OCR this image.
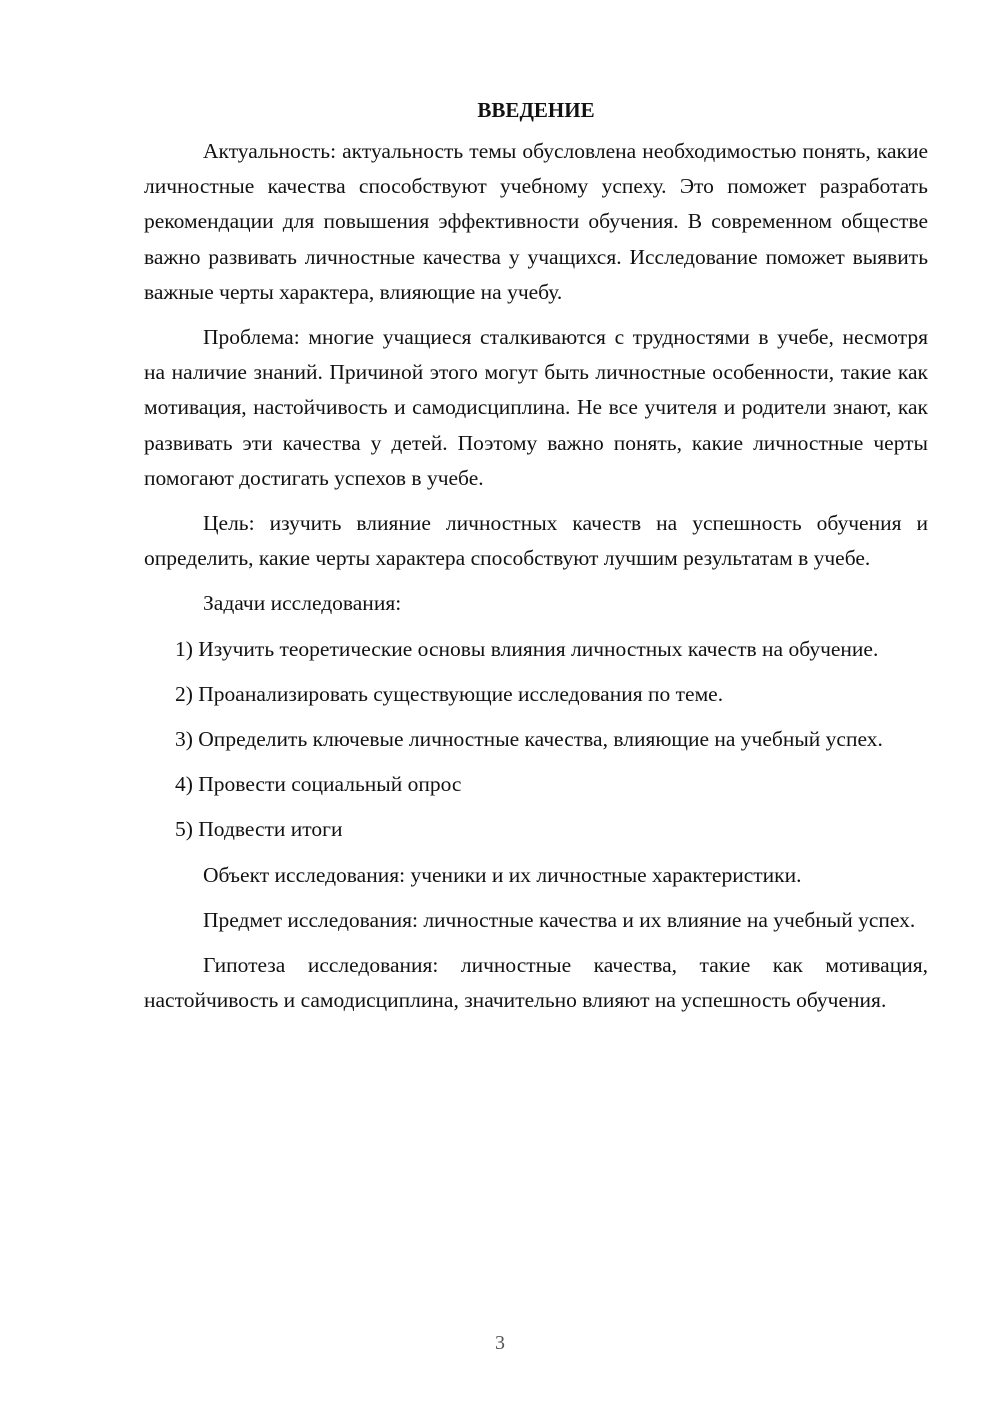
ВВЕДЕНИЕ

Актуальность: актуальность темы обусловлена необходимостью понять, какие личностные качества способствуют учебному успеху. Это поможет разработать рекомендации для повышения эффективности обучения. В современном обществе важно развивать личностные качества у учащихся. Исследование поможет выявить важные черты характера, влияющие на учебу.

Проблема: многие учащиеся сталкиваются с трудностями в учебе, несмотря на наличие знаний. Причиной этого могут быть личностные особенности, такие как мотивация, настойчивость и самодисциплина. Не все учителя и родители знают, как развивать эти качества у детей. Поэтому важно понять, какие личностные черты помогают достигать успехов в учебе.

Цель: изучить влияние личностных качеств на успешность обучения и определить, какие черты характера способствуют лучшим результатам в учебе.

Задачи исследования:

1) Изучить теоретические основы влияния личностных качеств на обучение.

2) Проанализировать существующие исследования по теме.

3) Определить ключевые личностные качества, влияющие на учебный успех.

4) Провести социальный опрос

5) Подвести итоги

Объект исследования: ученики и их личностные характеристики.

Предмет исследования: личностные качества и их влияние на учебный успех.

Гипотеза исследования: личностные качества, такие как мотивация, настойчивость и самодисциплина, значительно влияют на успешность обучения.

3
